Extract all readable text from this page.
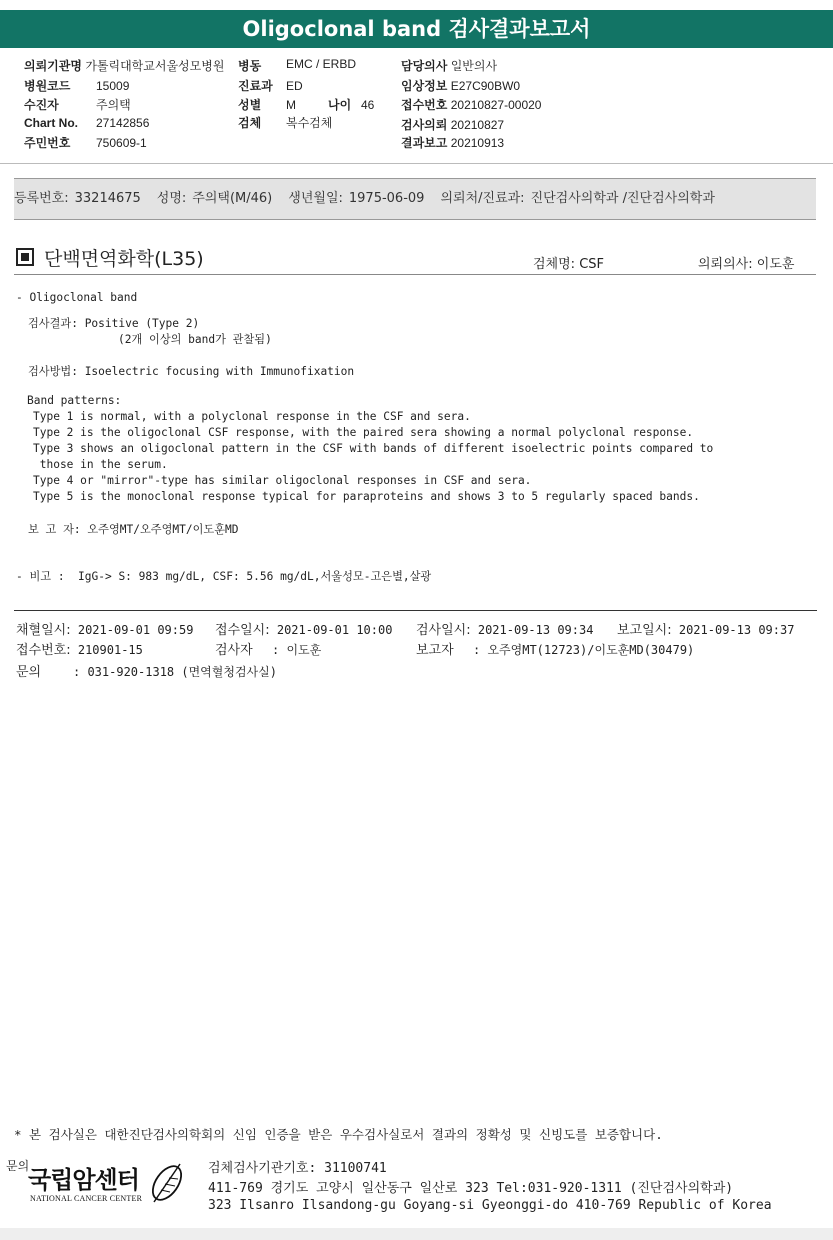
Oligoclonal band 검사결과보고서
의뢰기관명 가톨릭대학교서울성모병원 병동 EMC / ERBD	담당의사 일반의사
병원코드 15009	진료과 ED	임상정보 E27C90BW0
수진자	주의택	성별 M	나이 46 접수번호 20210827-00020
Chart No. 27142856	검체 복수검체	검사의뢰 20210827
주민번호 750609-1	결과보고 20210913
등록번호: 33214675 성명: 주의택(M/46) 생년월일: 1975-06-09 의뢰처/진료과: 진단검사의학과 /진단검사의학과
단백면역화학(L35)	검체명: CSF	의뢰의사: 이도훈
- Oligoclonal band
검사결과: Positive (Type 2)
(2개 이상의 band가 관찰됨)
검사방법: Isoelectric focusing with Immunofixation
Band patterns:
Type 1 is normal, with a polyclonal response in the CSF and sera.
Type 2 is the oligoclonal CSF response, with the paired sera showing a normal polyclonal response.
Type 3 shows an oligoclonal pattern in the CSF with bands of different isoelectric points compared to
those in the serum.
Type 4 or "mirror"-type has similar oligoclonal responses in CSF and sera.
Type 5 is the monoclonal response typical for paraproteins and shows 3 to 5 regularly spaced bands.
보 고 자: 오주영MT/오주영MT/이도훈MD
- 비고 :  IgG-> S: 983 mg/dL, CSF: 5.56 mg/dL,서울성모-고은별,살광
채혈일시: 2021-09-01 09:59 접수일시: 2021-09-01 10:00 검사일시: 2021-09-13 09:34 보고일시: 2021-09-13 09:37
접수번호: 210901-15	검사자 : 이도훈	보고자 : 오주영MT(12723)/이도훈MD(30479)
문의	: 031-920-1318 (면역혈청검사실)
* 본 검사실은 대한진단검사의학회의 신임 인증을 받은 우수검사실로서 결과의 정확성 및 신빙도를 보증합니다.
문의
국립암센터
NATIONAL CANCER CENTER
검체검사기관기호: 31100741
411-769 경기도 고양시 일산동구 일산로 323 Tel:031-920-1311 (진단검사의학과)
323 Ilsanro Ilsandong-gu Goyang-si Gyeonggi-do 410-769 Republic of Korea
